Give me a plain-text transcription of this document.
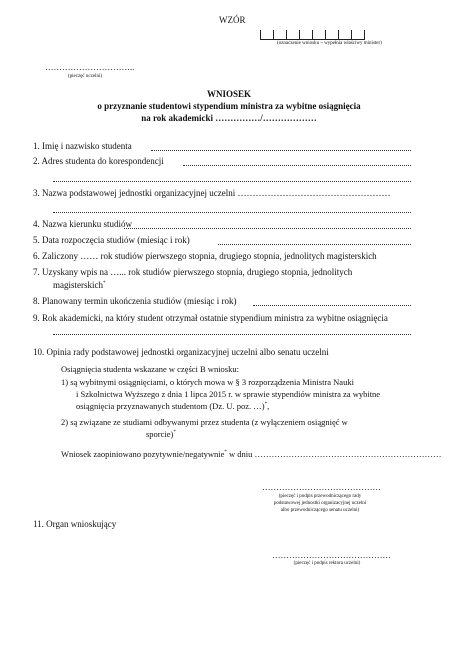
WZÓR
(oznaczenie wniosku – wypełnia właściwy minister)
…………………………..
(pieczęć uczelni)
WNIOSEK
o przyznanie studentowi stypendium ministra za wybitne osiągnięcia
na rok akademicki ……………/………………
1. Imię i nazwisko studenta
2. Adres studenta do korespondencji
3. Nazwa podstawowej jednostki organizacyjnej uczelni ……………………………………………
4. Nazwa kierunku studiów
5. Data rozpoczęcia studiów (miesiąc i rok)
6. Zaliczony …… rok studiów pierwszego stopnia, drugiego stopnia, jednolitych magisterskich
7. Uzyskany wpis na …... rok studiów pierwszego stopnia, drugiego stopnia, jednolitych
magisterskich*
8. Planowany termin ukończenia studiów (miesiąc i rok)
9. Rok akademicki, na który student otrzymał ostatnie stypendium ministra za wybitne osiągnięcia
10. Opinia rady podstawowej jednostki organizacyjnej uczelni albo senatu uczelni
Osiągnięcia studenta wskazane w części B wniosku:
1) są wybitnymi osiągnięciami, o których mowa w § 3 rozporządzenia Ministra Nauki
i Szkolnictwa Wyższego z dnia 1 lipca 2015 r. w sprawie stypendiów ministra za wybitne
osiągnięcia przyznawanych studentom (Dz. U. poz. …)*,
2) są związane ze studiami odbywanymi przez studenta (z wyłączeniem osiągnięć w
sporcie)*
Wniosek zaopiniowano pozytywnie/negatywnie* w dniu …………………………………………………………
……………………………………
(pieczęć i podpis przewodniczącego rady
podstawowej jednostki organizacyjnej uczelni
albo przewodniczącego senatu uczelni)
11. Organ wnioskujący
……………………………………
(pieczęć i podpis rektora uczelni)
